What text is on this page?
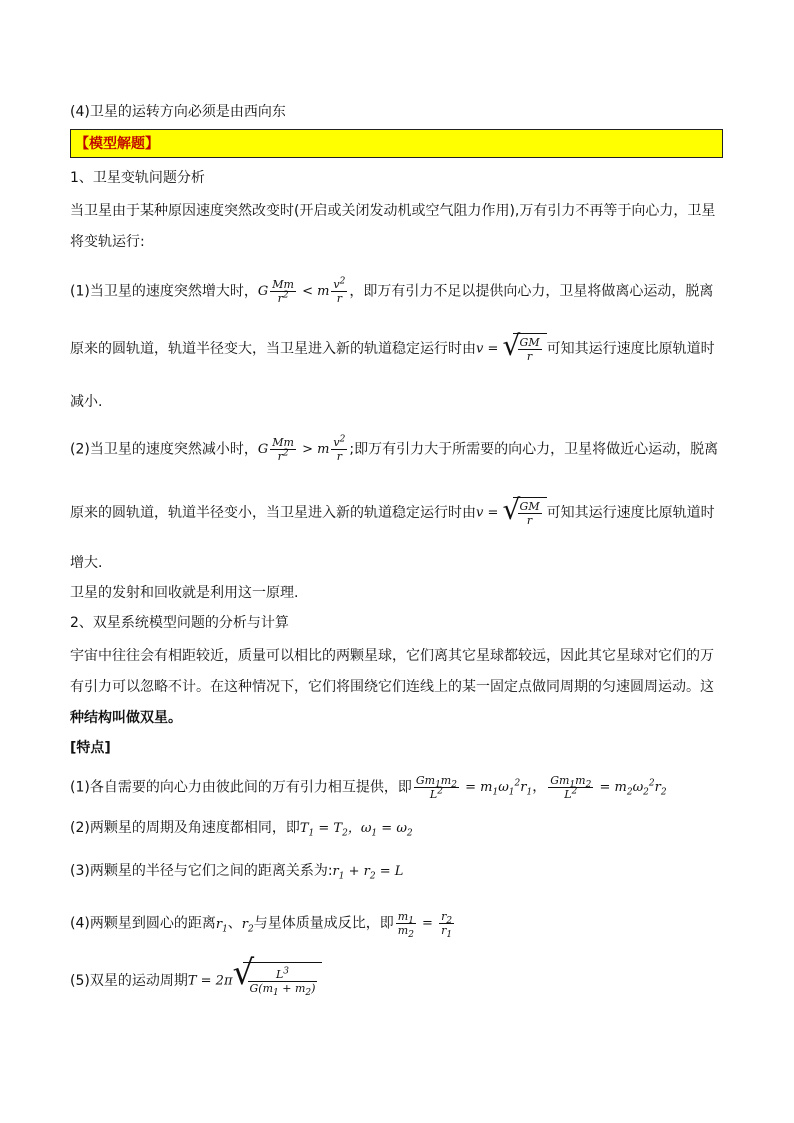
(4)卫星的运转方向必须是由西向东
【模型解题】
1、卫星变轨问题分析
当卫星由于某种原因速度突然改变时(开启或关闭发动机或空气阻力作用),万有引力不再等于向心力，卫星
将变轨运行:
(1)当卫星的速度突然增大时，G $\frac{Mm}{r^2} < m \frac{v^2}{r}$ ，即万有引力不足以提供向心力，卫星将做离心运动，脱离
原来的圆轨道，轨道半径变大，当卫星进入新的轨道稳定运行时由v = √
$\frac{GM}{r}$ 可知其运行速度比原轨道时
减小.
(2)当卫星的速度突然减小时，G $\frac{Mm}{r^2} > m \frac{v^2}{r}$ ;即万有引力大于所需要的向心力，卫星将做近心运动，脱离
原来的圆轨道，轨道半径变小，当卫星进入新的轨道稳定运行时由v = √
$\frac{GM}{r}$ 可知其运行速度比原轨道时
增大.
卫星的发射和回收就是利用这一原理.
2、双星系统模型问题的分析与计算
宇宙中往往会有相距较近，质量可以相比的两颗星球，它们离其它星球都较远，因此其它星球对它们的万
有引力可以忽略不计。在这种情况下，它们将围绕它们连线上的某一固定点做同周期的匀速圆周运动。这
种结构叫做双星。
[特点]
(1)各自需要的向心力由彼此间的万有引力相互提供，即 $\frac{Gm_1m_2}{L^2} = m_1\omega_1^2r_1$， $\frac{Gm_1m_2}{L^2} = m_2\omega_2^2r_2$
(2)两颗星的周期及角速度都相同，即$T_1 = T_2$，$\omega_1 = \omega_2$
(3)两颗星的半径与它们之间的距离关系为$:r_1 + r_2 = L$
(4)两颗星到圆心的距离$r_1$、$r_2$与星体质量成反比，即 $\frac{m_1}{m_2} = \frac{r_2}{r_1}$
(5)双星的运动周期T = 2π √
$\frac{L^3}{G(m_1 + m_2)}$
